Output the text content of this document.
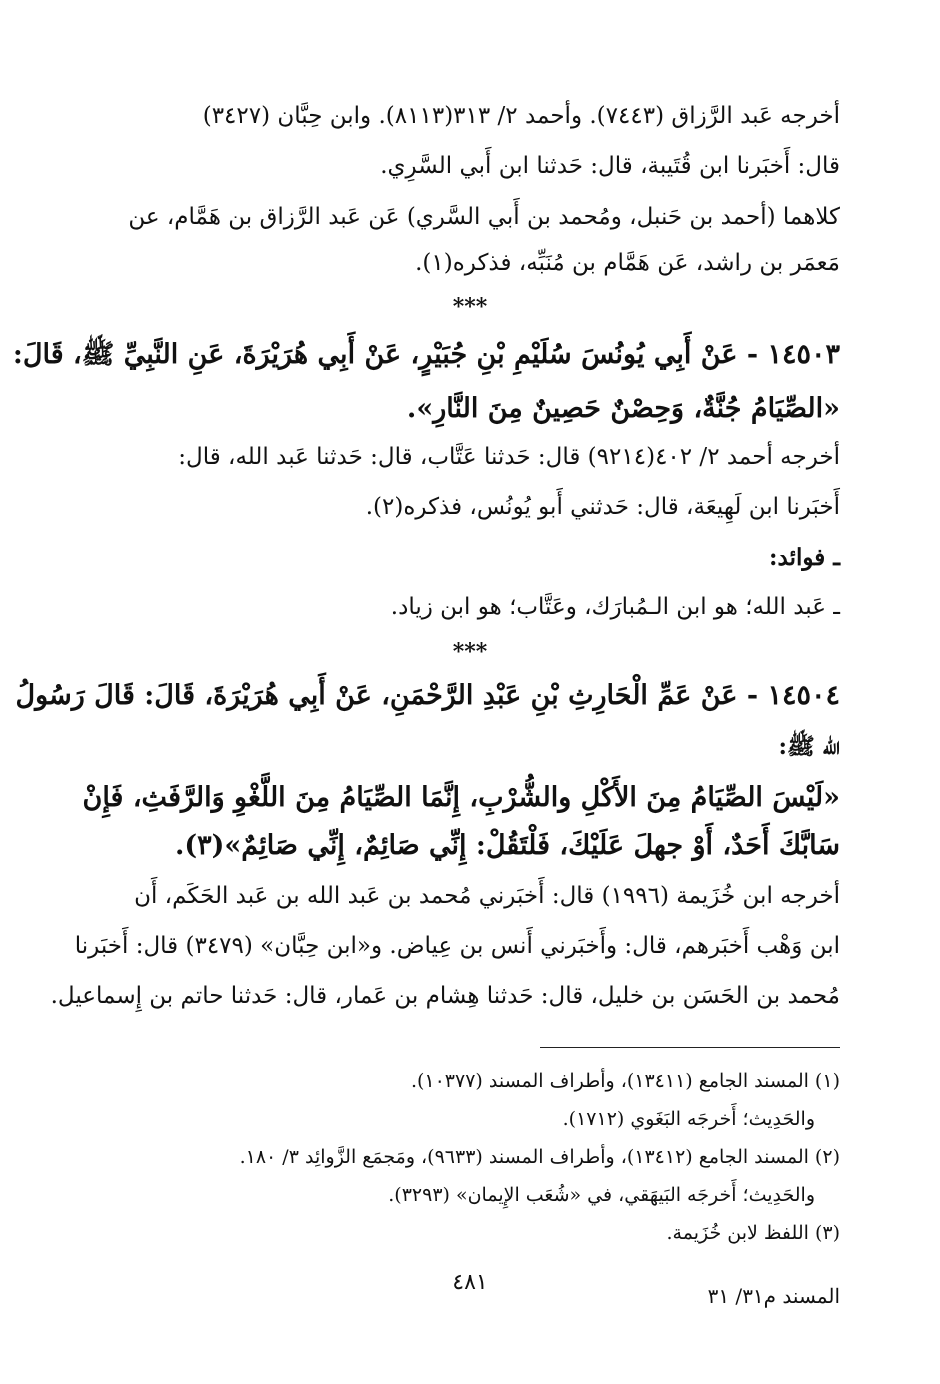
أخرجه عَبد الرَّزاق (٧٤٤٣). وأحمد ٢/ ٣١٣(٨١١٣). وابن حِبَّان (٣٤٢٧)
قال: أَخبَرنا ابن قُتَيبة، قال: حَدثنا ابن أَبي السَّرِي.
كلاهما (أحمد بن حَنبل، ومُحمد بن أَبي السَّري) عَن عَبد الرَّزاق بن هَمَّام، عن
مَعمَر بن راشد، عَن هَمَّام بن مُنَبِّه، فذكره(١).
***
١٤٥٠٣ - عَنْ أَبِي يُونُسَ سُلَيْمِ بْنِ جُبَيْرٍ، عَنْ أَبِي هُرَيْرَةَ، عَنِ النَّبِيِّ ﷺ، قَالَ:
«الصِّيَامُ جُنَّةٌ، وَحِصْنٌ حَصِينٌ مِنَ النَّارِ».
أخرجه أحمد ٢/ ٤٠٢(٩٢١٤) قال: حَدثنا عَتَّاب، قال: حَدثنا عَبد الله، قال:
أَخبَرنا ابن لَهِيعَة، قال: حَدثني أَبو يُونُس، فذكره(٢).
ـ فوائد:
ـ عَبد الله؛ هو ابن الـمُبارَك، وعَتَّاب؛ هو ابن زياد.
***
١٤٥٠٤ - عَنْ عَمِّ الْحَارِثِ بْنِ عَبْدِ الرَّحْمَنِ، عَنْ أَبِي هُرَيْرَةَ، قَالَ: قَالَ رَسُولُ
الله ﷺ:
«لَيْسَ الصِّيَامُ مِنَ الأَكْلِ والشُّرْبِ، إِنَّمَا الصِّيَامُ مِنَ اللَّغْوِ وَالرَّفَثِ، فَإِنْ
سَابَّكَ أَحَدٌ، أَوْ جهلَ عَلَيْكَ، فَلْتَقُلْ: إِنِّي صَائِمٌ، إِنِّي صَائِمٌ»(٣).
أخرجه ابن خُزَيمة (١٩٩٦) قال: أَخبَرني مُحمد بن عَبد الله بن عَبد الحَكَم، أَن
ابن وَهْب أَخبَرهم، قال: وأَخبَرني أَنس بن عِياض. و«ابن حِبَّان» (٣٤٧٩) قال: أَخبَرنا
مُحمد بن الحَسَن بن خليل، قال: حَدثنا هِشام بن عَمار، قال: حَدثنا حاتم بن إِسماعيل.
(١) المسند الجامع (١٣٤١١)، وأطراف المسند (١٠٣٧٧).
والحَدِيث؛ أَخرجَه البَغَوي (١٧١٢).
(٢) المسند الجامع (١٣٤١٢)، وأطراف المسند (٩٦٣٣)، ومَجمَع الزَّوائِد ٣/ ١٨٠.
والحَدِيث؛ أَخرجَه البَيهَقي، في «شُعَب الإِيمان» (٣٢٩٣).
(٣) اللفظ لابن خُزَيمة.
٤٨١
المسند م٣١/ ٣١
